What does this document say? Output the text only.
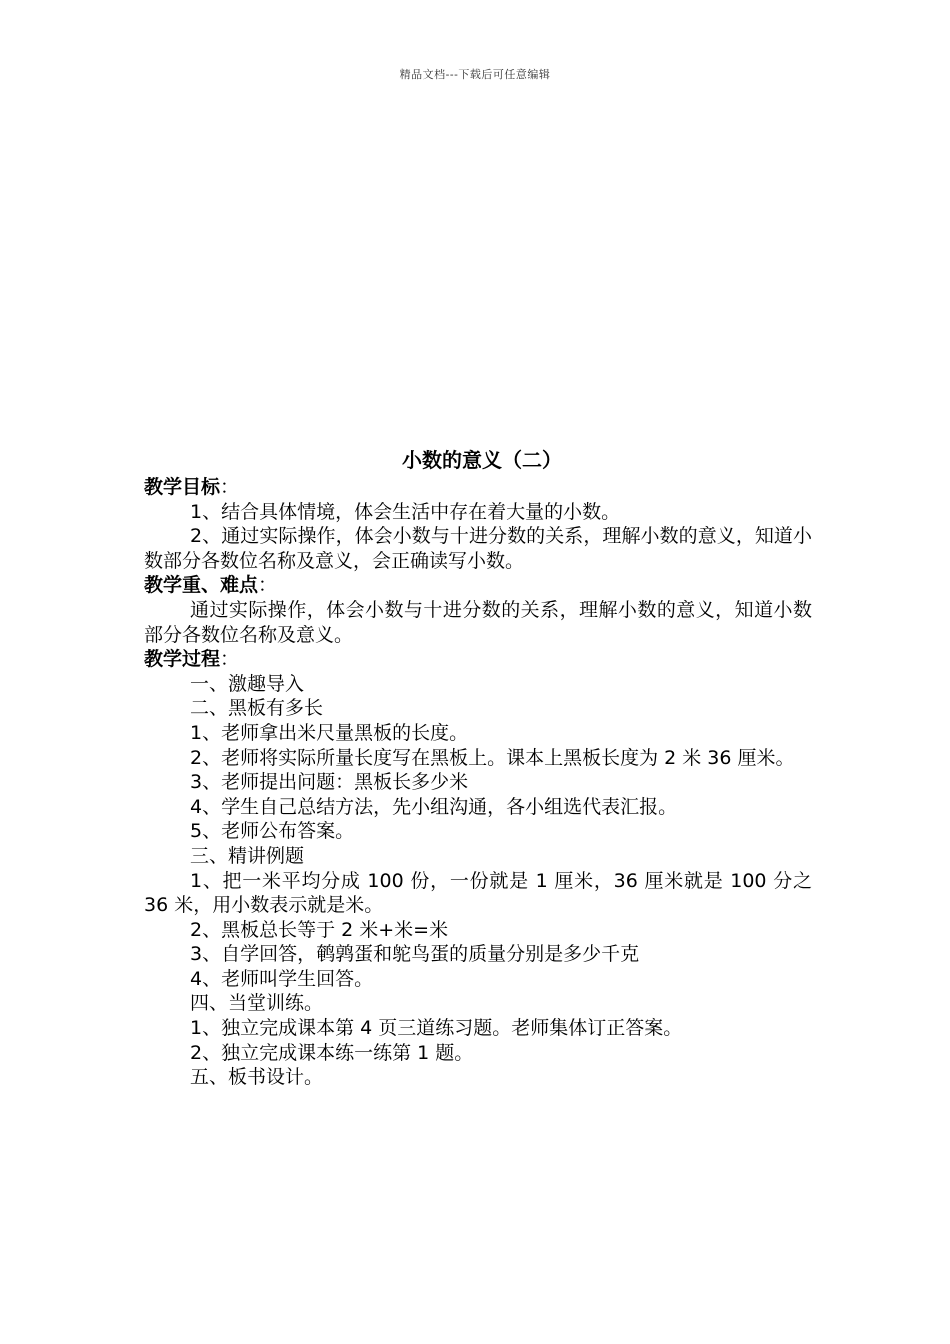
精品文档---下载后可任意编辑

小数的意义（二）

教学目标：

1、结合具体情境，体会生活中存在着大量的小数。

2、通过实际操作，体会小数与十进分数的关系，理解小数的意义，知道小数部分各数位名称及意义，会正确读写小数。

教学重、难点：

通过实际操作，体会小数与十进分数的关系，理解小数的意义，知道小数部分各数位名称及意义。

教学过程：

一、激趣导入

二、黑板有多长

1、老师拿出米尺量黑板的长度。

2、老师将实际所量长度写在黑板上。课本上黑板长度为 2 米 36 厘米。

3、老师提出问题：黑板长多少米

4、学生自己总结方法，先小组沟通，各小组选代表汇报。

5、老师公布答案。

三、精讲例题

1、把一米平均分成 100 份，一份就是 1 厘米，36 厘米就是 100 分之 36 米，用小数表示就是米。

2、黑板总长等于 2 米+米=米

3、自学回答，鹌鹑蛋和鸵鸟蛋的质量分别是多少千克

4、老师叫学生回答。

四、当堂训练。

1、独立完成课本第 4 页三道练习题。老师集体订正答案。

2、独立完成课本练一练第 1 题。

五、板书设计。
